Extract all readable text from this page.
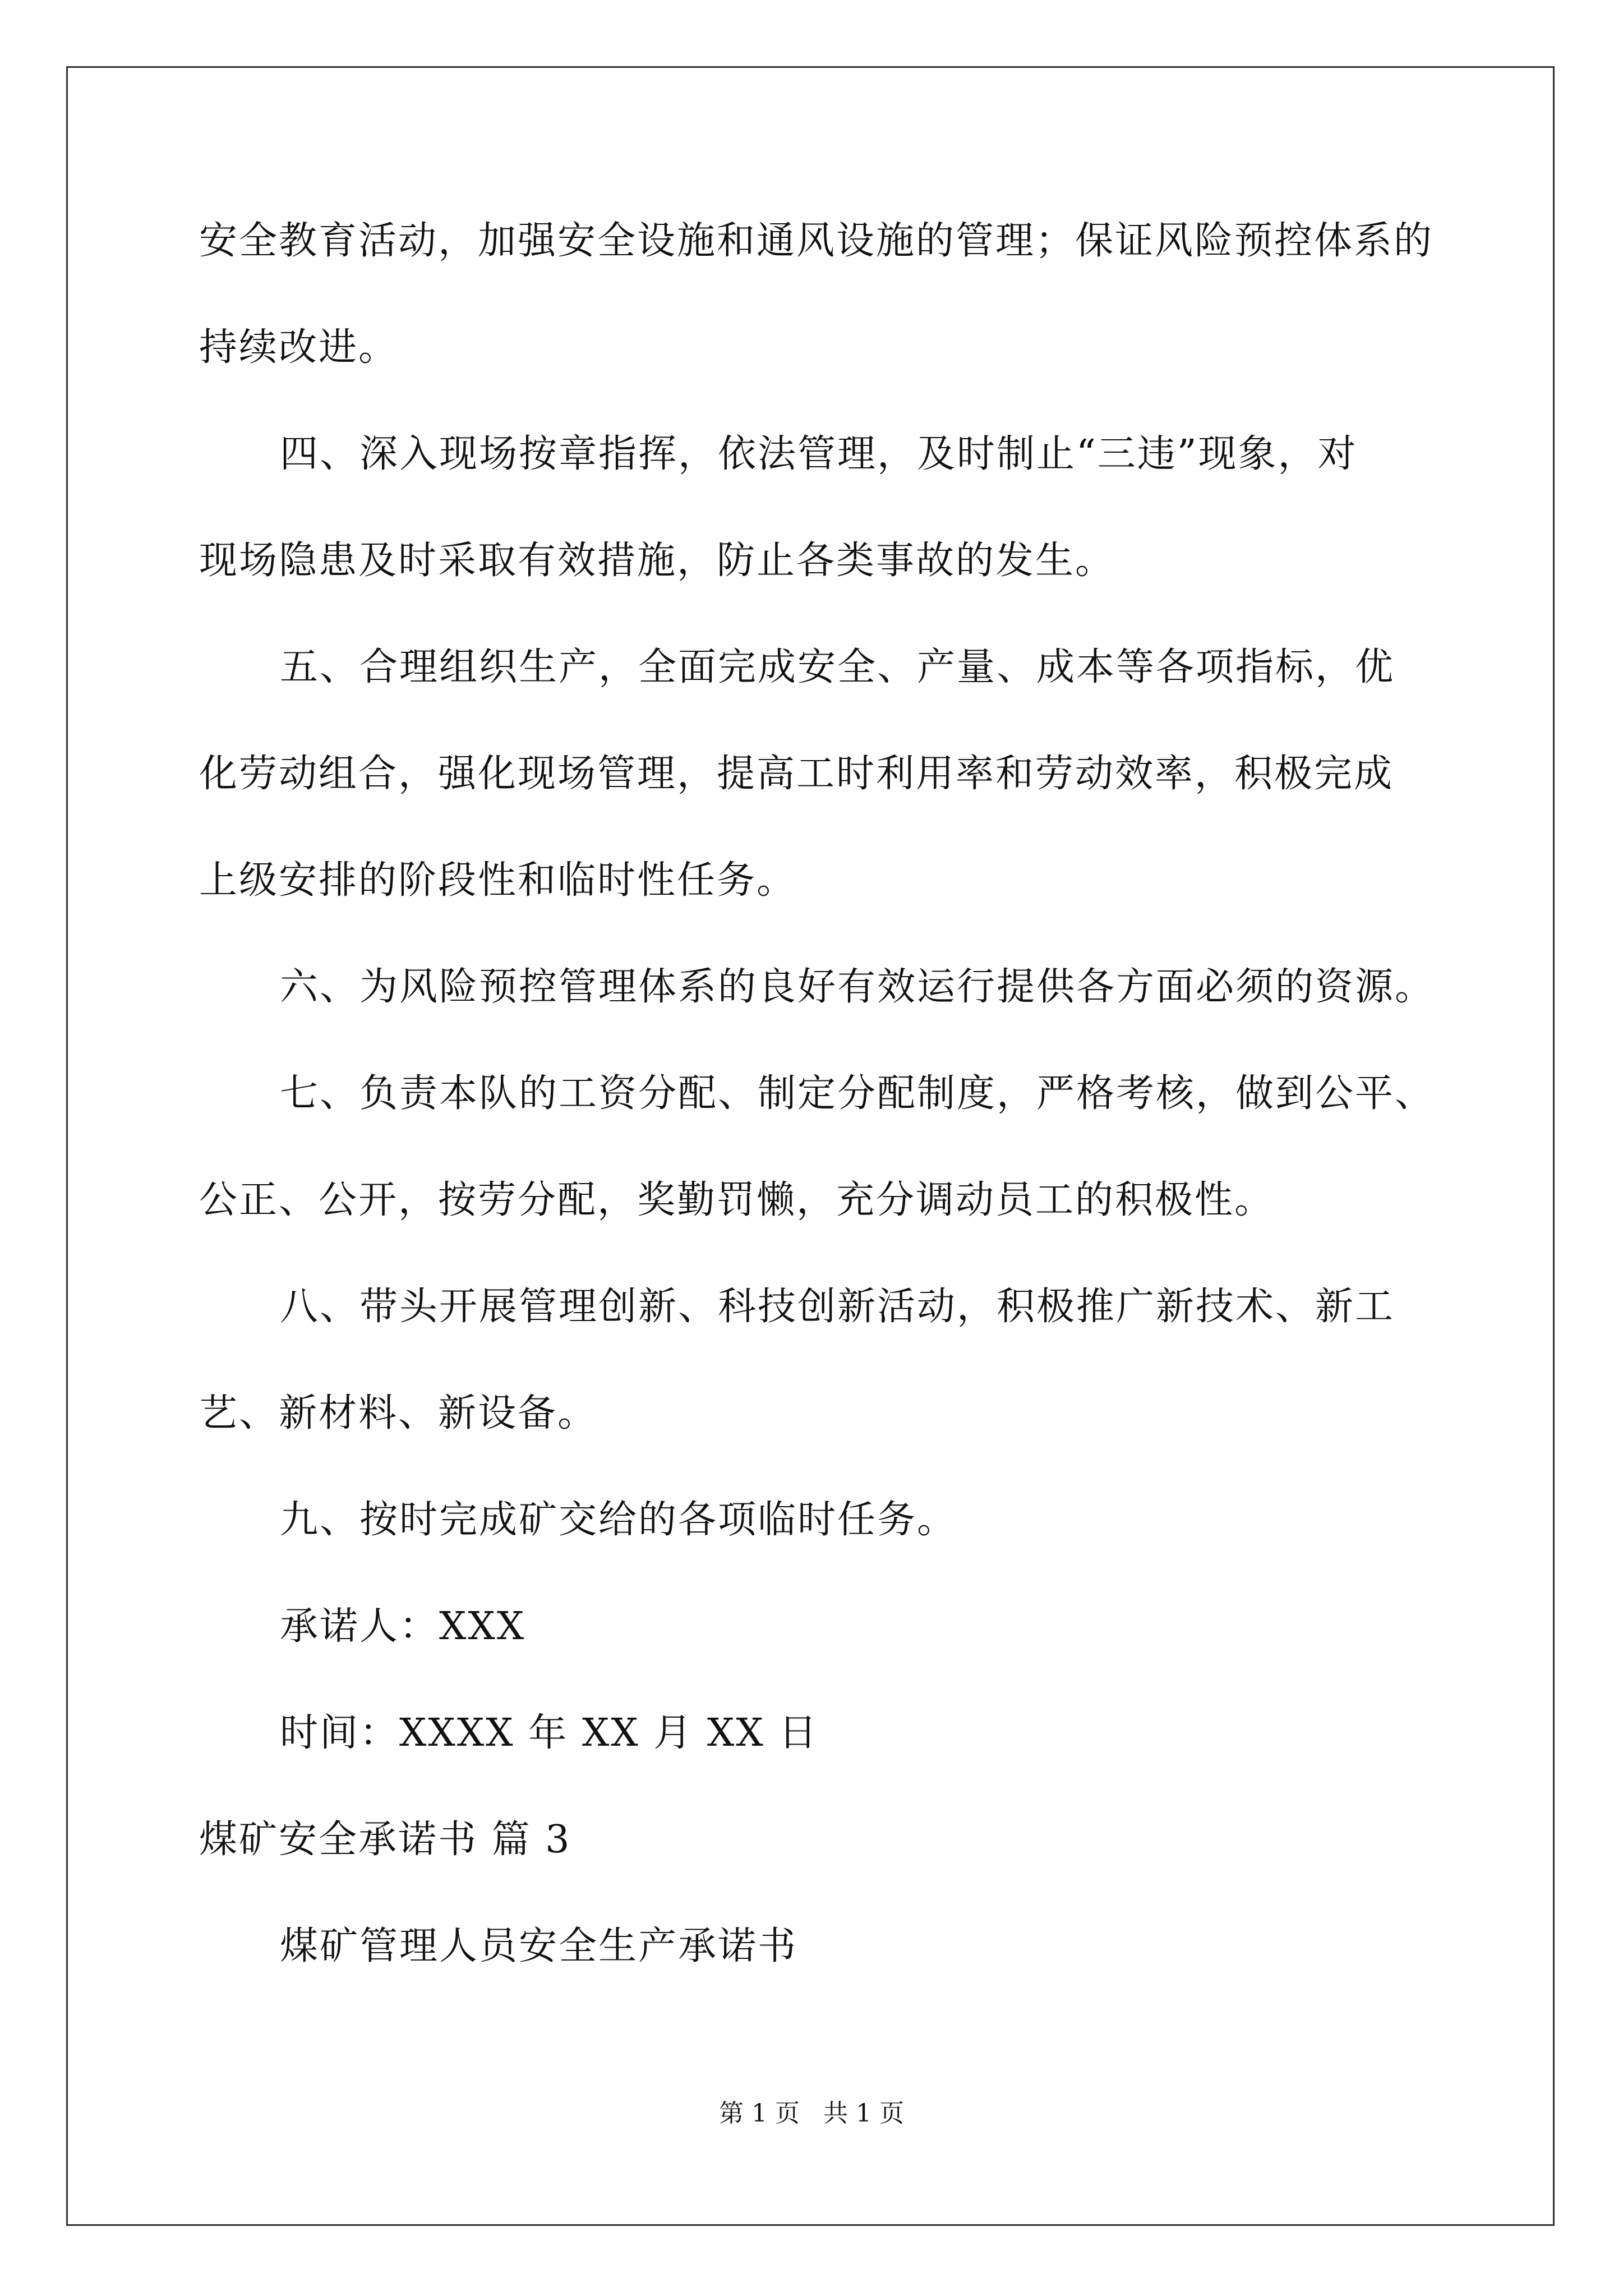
安全教育活动，加强安全设施和通风设施的管理；保证风险预控体系的
持续改进。
四、深入现场按章指挥，依法管理，及时制止“三违”现象，对
现场隐患及时采取有效措施，防止各类事故的发生。
五、合理组织生产，全面完成安全、产量、成本等各项指标，优
化劳动组合，强化现场管理，提高工时利用率和劳动效率，积极完成
上级安排的阶段性和临时性任务。
六、为风险预控管理体系的良好有效运行提供各方面必须的资源。
七、负责本队的工资分配、制定分配制度，严格考核，做到公平、
公正、公开，按劳分配，奖勤罚懒，充分调动员工的积极性。
八、带头开展管理创新、科技创新活动，积极推广新技术、新工
艺、新材料、新设备。
九、按时完成矿交给的各项临时任务。
承诺人：XXX
时间：XXXX 年 XX 月 XX 日
煤矿安全承诺书 篇 3
煤矿管理人员安全生产承诺书
第 1 页 共 1 页
